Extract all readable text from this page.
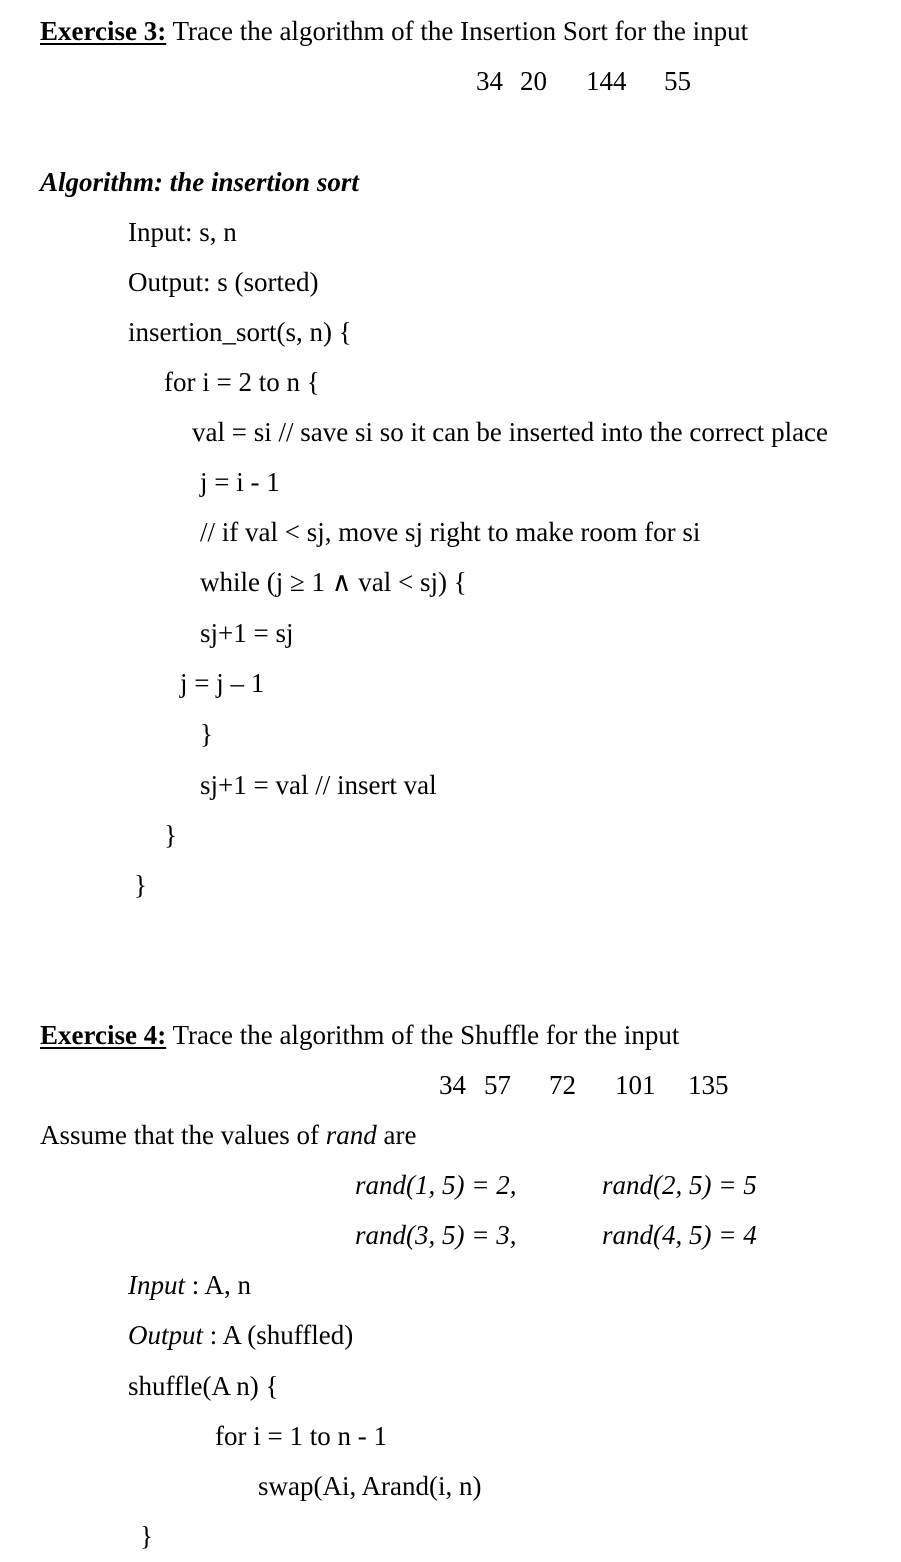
Exercise 3: Trace the algorithm of the Insertion Sort for the input
34 20 144 55
Algorithm: the insertion sort
Input: s, n
Output: s (sorted)
insertion_sort(s, n) {
for i = 2 to n {
val = si // save si so it can be inserted into the correct place
j = i - 1
// if val < sj, move sj right to make room for si
while (j ≥ 1 ∧ val < sj) {
sj+1 = sj
j = j – 1
}
sj+1 = val // insert val
}
}
Exercise 4: Trace the algorithm of the Shuffle for the input
34 57 72 101 135
Assume that the values of rand are
rand(1, 5) = 2,	rand(2, 5) = 5
rand(3, 5) = 3,	rand(4, 5) = 4
Input : A, n
Output : A (shuffled)
shuffle(A n) {
for i = 1 to n - 1
swap(Ai, Arand(i, n)
}
